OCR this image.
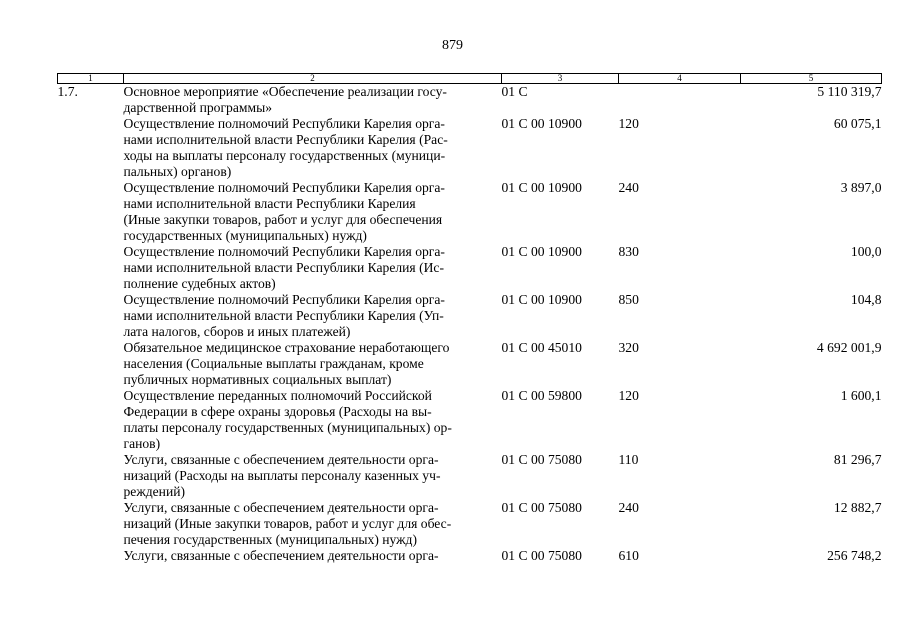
879
1	2	3	4	5
1.7.	Основное мероприятие «Обеспечение реализации госу-
дарственной программы»	01 С		5 110 319,7

	Осуществление полномочий Республики Карелия орга-
нами исполнительной власти Республики Карелия (Рас-
ходы на выплаты персоналу государственных (муници-
пальных) органов)	01 С 00 10900	120	60 075,1

	Осуществление полномочий Республики Карелия орга-
нами исполнительной власти Республики Карелия
(Иные закупки товаров, работ и услуг для обеспечения
государственных (муниципальных) нужд)	01 С 00 10900	240	3 897,0

	Осуществление полномочий Республики Карелия орга-
нами исполнительной власти Республики Карелия (Ис-
полнение судебных актов)	01 С 00 10900	830	100,0

	Осуществление полномочий Республики Карелия орга-
нами исполнительной власти Республики Карелия (Уп-
лата налогов, сборов и иных платежей)	01 С 00 10900	850	104,8

	Обязательное медицинское страхование неработающего
населения (Социальные выплаты гражданам, кроме
публичных нормативных социальных выплат)	01 С 00 45010	320	4 692 001,9

	Осуществление переданных полномочий Российской
Федерации в сфере охраны здоровья (Расходы на вы-
платы персоналу государственных (муниципальных) ор-
ганов)	01 С 00 59800	120	1 600,1

	Услуги, связанные с обеспечением деятельности орга-
низаций (Расходы на выплаты персоналу казенных уч-
реждений)	01 С 00 75080	110	81 296,7

	Услуги, связанные с обеспечением деятельности орга-
низаций (Иные закупки товаров, работ и услуг для обес-
печения государственных (муниципальных) нужд)	01 С 00 75080	240	12 882,7

	Услуги, связанные с обеспечением деятельности орга-	01 С 00 75080	610	256 748,2
